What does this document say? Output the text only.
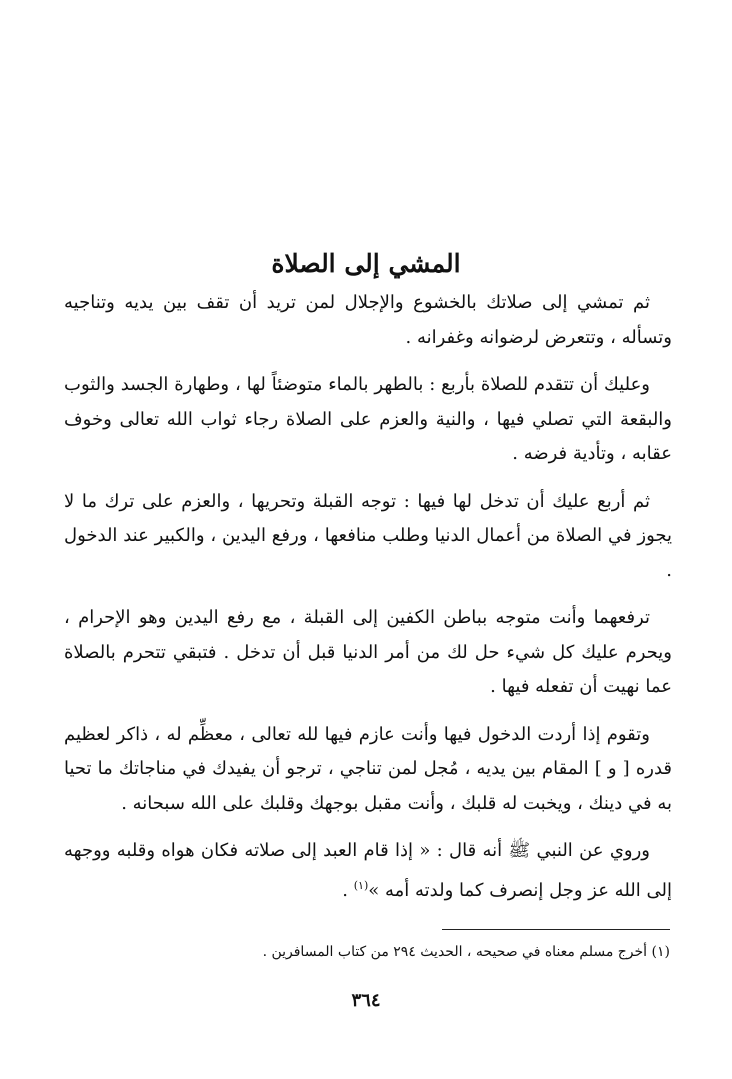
المشي إلى الصلاة

ثم تمشي إلى صلاتك بالخشوع والإجلال لمن تريد أن تقف بين يديه وتناجيه وتسأله ، وتتعرض لرضوانه وغفرانه .

وعليك أن تتقدم للصلاة بأربع : بالطهر بالماء متوضئاً لها ، وطهارة الجسد والثوب والبقعة التي تصلي فيها ، والنية والعزم على الصلاة رجاء ثواب الله تعالى وخوف عقابه ، وتأدية فرضه .

ثم أربع عليك أن تدخل لها فيها : توجه القبلة وتحريها ، والعزم على ترك ما لا يجوز في الصلاة من أعمال الدنيا وطلب منافعها ، ورفع اليدين ، والكبير عند الدخول .

ترفعهما وأنت متوجه بباطن الكفين إلى القبلة ، مع رفع اليدين وهو الإحرام ، ويحرم عليك كل شيء حل لك من أمر الدنيا قبل أن تدخل . فتبقي تتحرم بالصلاة عما نهيت أن تفعله فيها .

وتقوم إذا أردت الدخول فيها وأنت عازم فيها لله تعالى ، معظِّم له ، ذاكر لعظيم قدره [ و ] المقام بين يديه ، مُجل لمن تناجي ، ترجو أن يفيدك في مناجاتك ما تحيا به في دينك ، ويخبت له قلبك ، وأنت مقبل بوجهك وقلبك على الله سبحانه .

وروي عن النبي ﷺ أنه قال : « إذا قام العبد إلى صلاته فكان هواه وقلبه ووجهه إلى الله عز وجل إنصرف كما ولدته أمه »$^{(١)}$ .

(١) أخرج مسلم معناه في صحيحه ، الحديث ٢٩٤ من كتاب المسافرين .
٣٦٤
